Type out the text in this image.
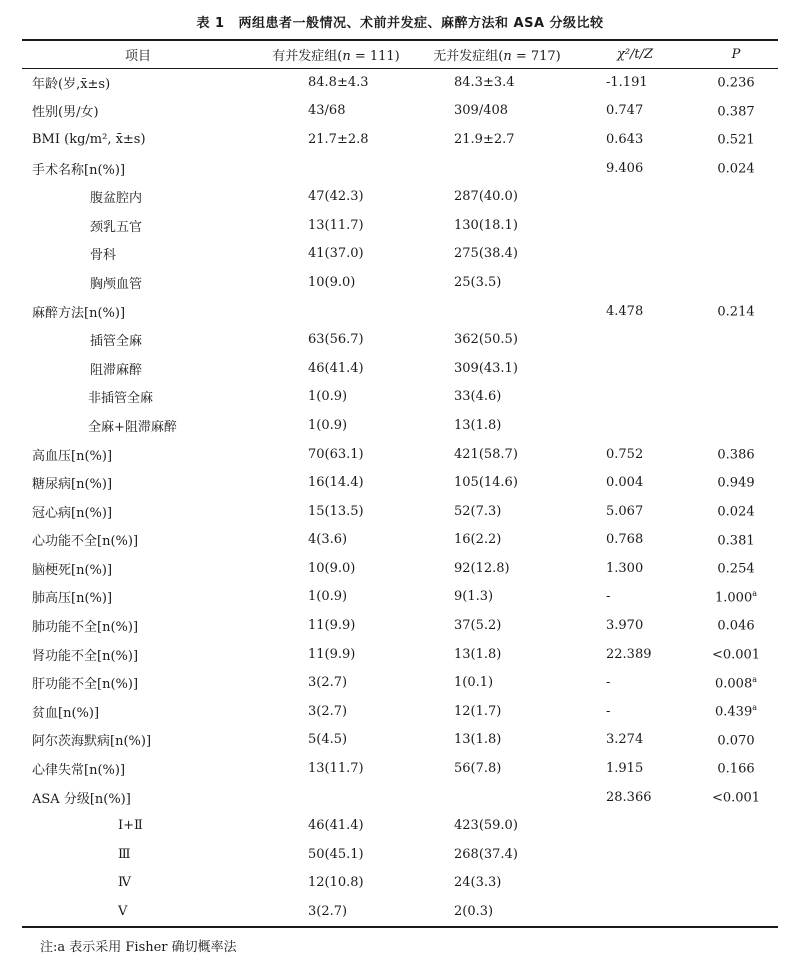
表 1 两组患者一般情况、术前并发症、麻醉方法和 ASA 分级比较
项目	有并发症组(n = 111)	无并发症组(n = 717)	χ²/t/Z	P
年龄(岁,x̄±s)	84.8±4.3	84.3±3.4	-1.191	0.236
性别(男/女)	43/68	309/408	0.747	0.387
BMI (kg/m², x̄±s)	21.7±2.8	21.9±2.7	0.643	0.521
手术名称[n(%)]			9.406	0.024
腹盆腔内	47(42.3)	287(40.0)		
颈乳五官	13(11.7)	130(18.1)		
骨科	41(37.0)	275(38.4)		
胸颅血管	10(9.0)	25(3.5)		
麻醉方法[n(%)]			4.478	0.214
插管全麻	63(56.7)	362(50.5)		
阻滞麻醉	46(41.4)	309(43.1)		
非插管全麻	1(0.9)	33(4.6)		
全麻+阻滞麻醉	1(0.9)	13(1.8)		
高血压[n(%)]	70(63.1)	421(58.7)	0.752	0.386
糖尿病[n(%)]	16(14.4)	105(14.6)	0.004	0.949
冠心病[n(%)]	15(13.5)	52(7.3)	5.067	0.024
心功能不全[n(%)]	4(3.6)	16(2.2)	0.768	0.381
脑梗死[n(%)]	10(9.0)	92(12.8)	1.300	0.254
肺高压[n(%)]	1(0.9)	9(1.3)	-	1.000$^a$
肺功能不全[n(%)]	11(9.9)	37(5.2)	3.970	0.046
肾功能不全[n(%)]	11(9.9)	13(1.8)	22.389	<0.001
肝功能不全[n(%)]	3(2.7)	1(0.1)	-	0.008$^a$
贫血[n(%)]	3(2.7)	12(1.7)	-	0.439$^a$
阿尔茨海默病[n(%)]	5(4.5)	13(1.8)	3.274	0.070
心律失常[n(%)]	13(11.7)	56(7.8)	1.915	0.166
ASA 分级[n(%)]			28.366	<0.001
Ⅰ+Ⅱ	46(41.4)	423(59.0)		
Ⅲ	50(45.1)	268(37.4)		
Ⅳ	12(10.8)	24(3.3)		
Ⅴ	3(2.7)	2(0.3)		
注:a 表示采用 Fisher 确切概率法
